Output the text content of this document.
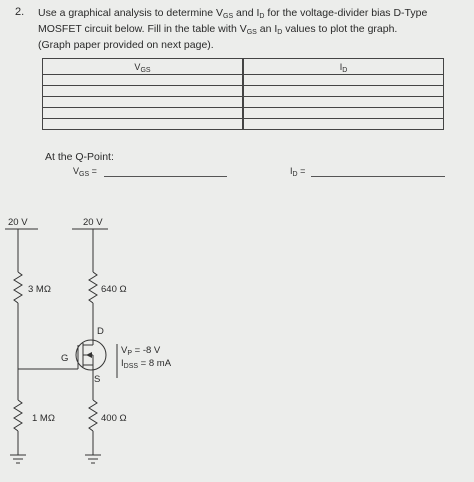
2. Use a graphical analysis to determine VGS and ID for the voltage-divider bias D-Type
MOSFET circuit below. Fill in the table with VGS an ID values to plot the graph.
(Graph paper provided on next page).
$V_{GS}$	$I_D$

At the Q-Point:
$V_{GS}$ =	$I_D$ =
20 V	20 V
3 MΩ
1 MΩ
640 Ω
400 Ω
G
D
S
$V_P = -8$ V
$I_{DSS} = 8$ mA
